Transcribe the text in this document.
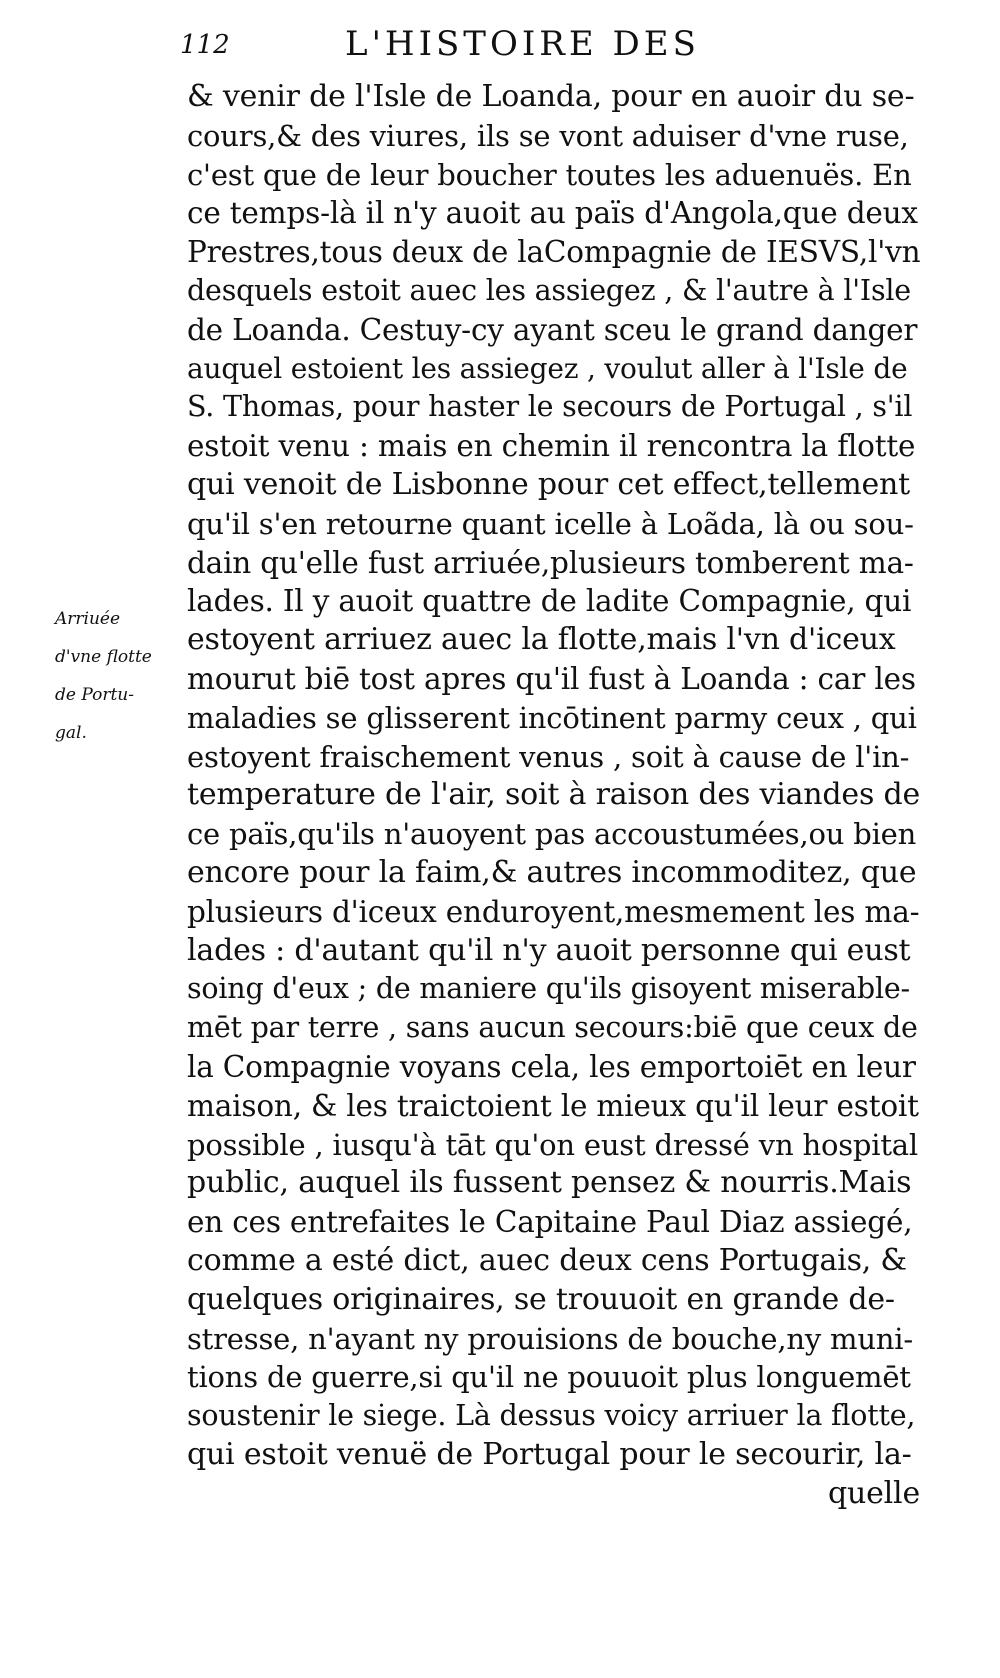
112	L'HISTOIRE DES
Arriuée
d'vne flotte
de Portu-
gal.
& venir de l'Isle de Loanda, pour en auoir du se-
cours,& des viures, ils se vont aduiser d'vne ruse,
c'est que de leur boucher toutes les aduenuës. En
ce temps-là il n'y auoit au païs d'Angola,que deux
Prestres,tous deux de laCompagnie de IESVS,l'vn
desquels estoit auec les assiegez , & l'autre à l'Isle
de Loanda. Cestuy-cy ayant sceu le grand danger
auquel estoient les assiegez , voulut aller à l'Isle de
S. Thomas, pour haster le secours de Portugal , s'il
estoit venu : mais en chemin il rencontra la flotte
qui venoit de Lisbonne pour cet effect,tellement
qu'il s'en retourne quant icelle à Loãda, là ou sou-
dain qu'elle fust arriuée,plusieurs tomberent ma-
lades. Il y auoit quattre de ladite Compagnie, qui
estoyent arriuez auec la flotte,mais l'vn d'iceux
mourut biē tost apres qu'il fust à Loanda : car les
maladies se glisserent incōtinent parmy ceux , qui
estoyent fraischement venus , soit à cause de l'in-
temperature de l'air, soit à raison des viandes de
ce païs,qu'ils n'auoyent pas accoustumées,ou bien
encore pour la faim,& autres incommoditez, que
plusieurs d'iceux enduroyent,mesmement les ma-
lades : d'autant qu'il n'y auoit personne qui eust
soing d'eux ; de maniere qu'ils gisoyent miserable-
mēt par terre , sans aucun secours:biē que ceux de
la Compagnie voyans cela, les emportoiēt en leur
maison, & les traictoient le mieux qu'il leur estoit
possible , iusqu'à tāt qu'on eust dressé vn hospital
public, auquel ils fussent pensez & nourris.Mais
en ces entrefaites le Capitaine Paul Diaz assiegé,
comme a esté dict, auec deux cens Portugais, &
quelques originaires, se trouuoit en grande de-
stresse, n'ayant ny prouisions de bouche,ny muni-
tions de guerre,si qu'il ne pouuoit plus longuemēt
soustenir le siege. Là dessus voicy arriuer la flotte,
qui estoit venuë de Portugal pour le secourir, la-
quelle
